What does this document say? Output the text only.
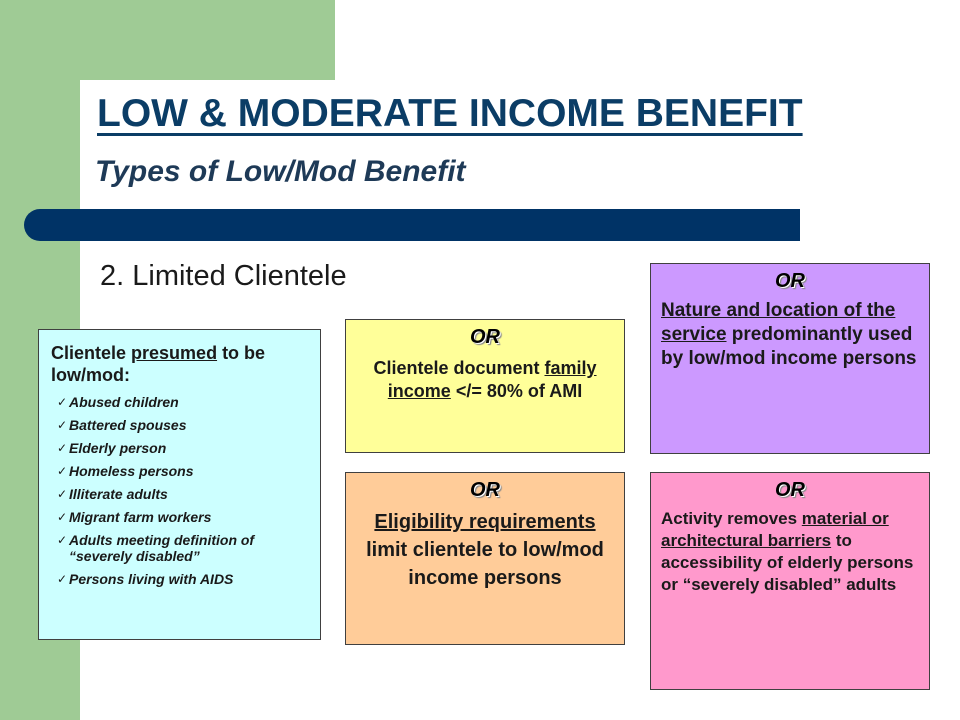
LOW & MODERATE INCOME BENEFIT
Types of Low/Mod Benefit
2. Limited Clientele

Clientele presumed to be low/mod:

✓ Abused children
✓ Battered spouses
✓ Elderly person
✓ Homeless persons
✓ Illiterate adults
✓ Migrant farm workers
✓ Adults meeting definition of “severely disabled”
✓ Persons living with AIDS
OR
Clientele document family income </= 80% of AMI
OR
Eligibility requirements limit clientele to low/mod income persons
OR
Nature and location of the service predominantly used by low/mod income persons
OR
Activity removes material or architectural barriers to accessibility of elderly persons or “severely disabled” adults
